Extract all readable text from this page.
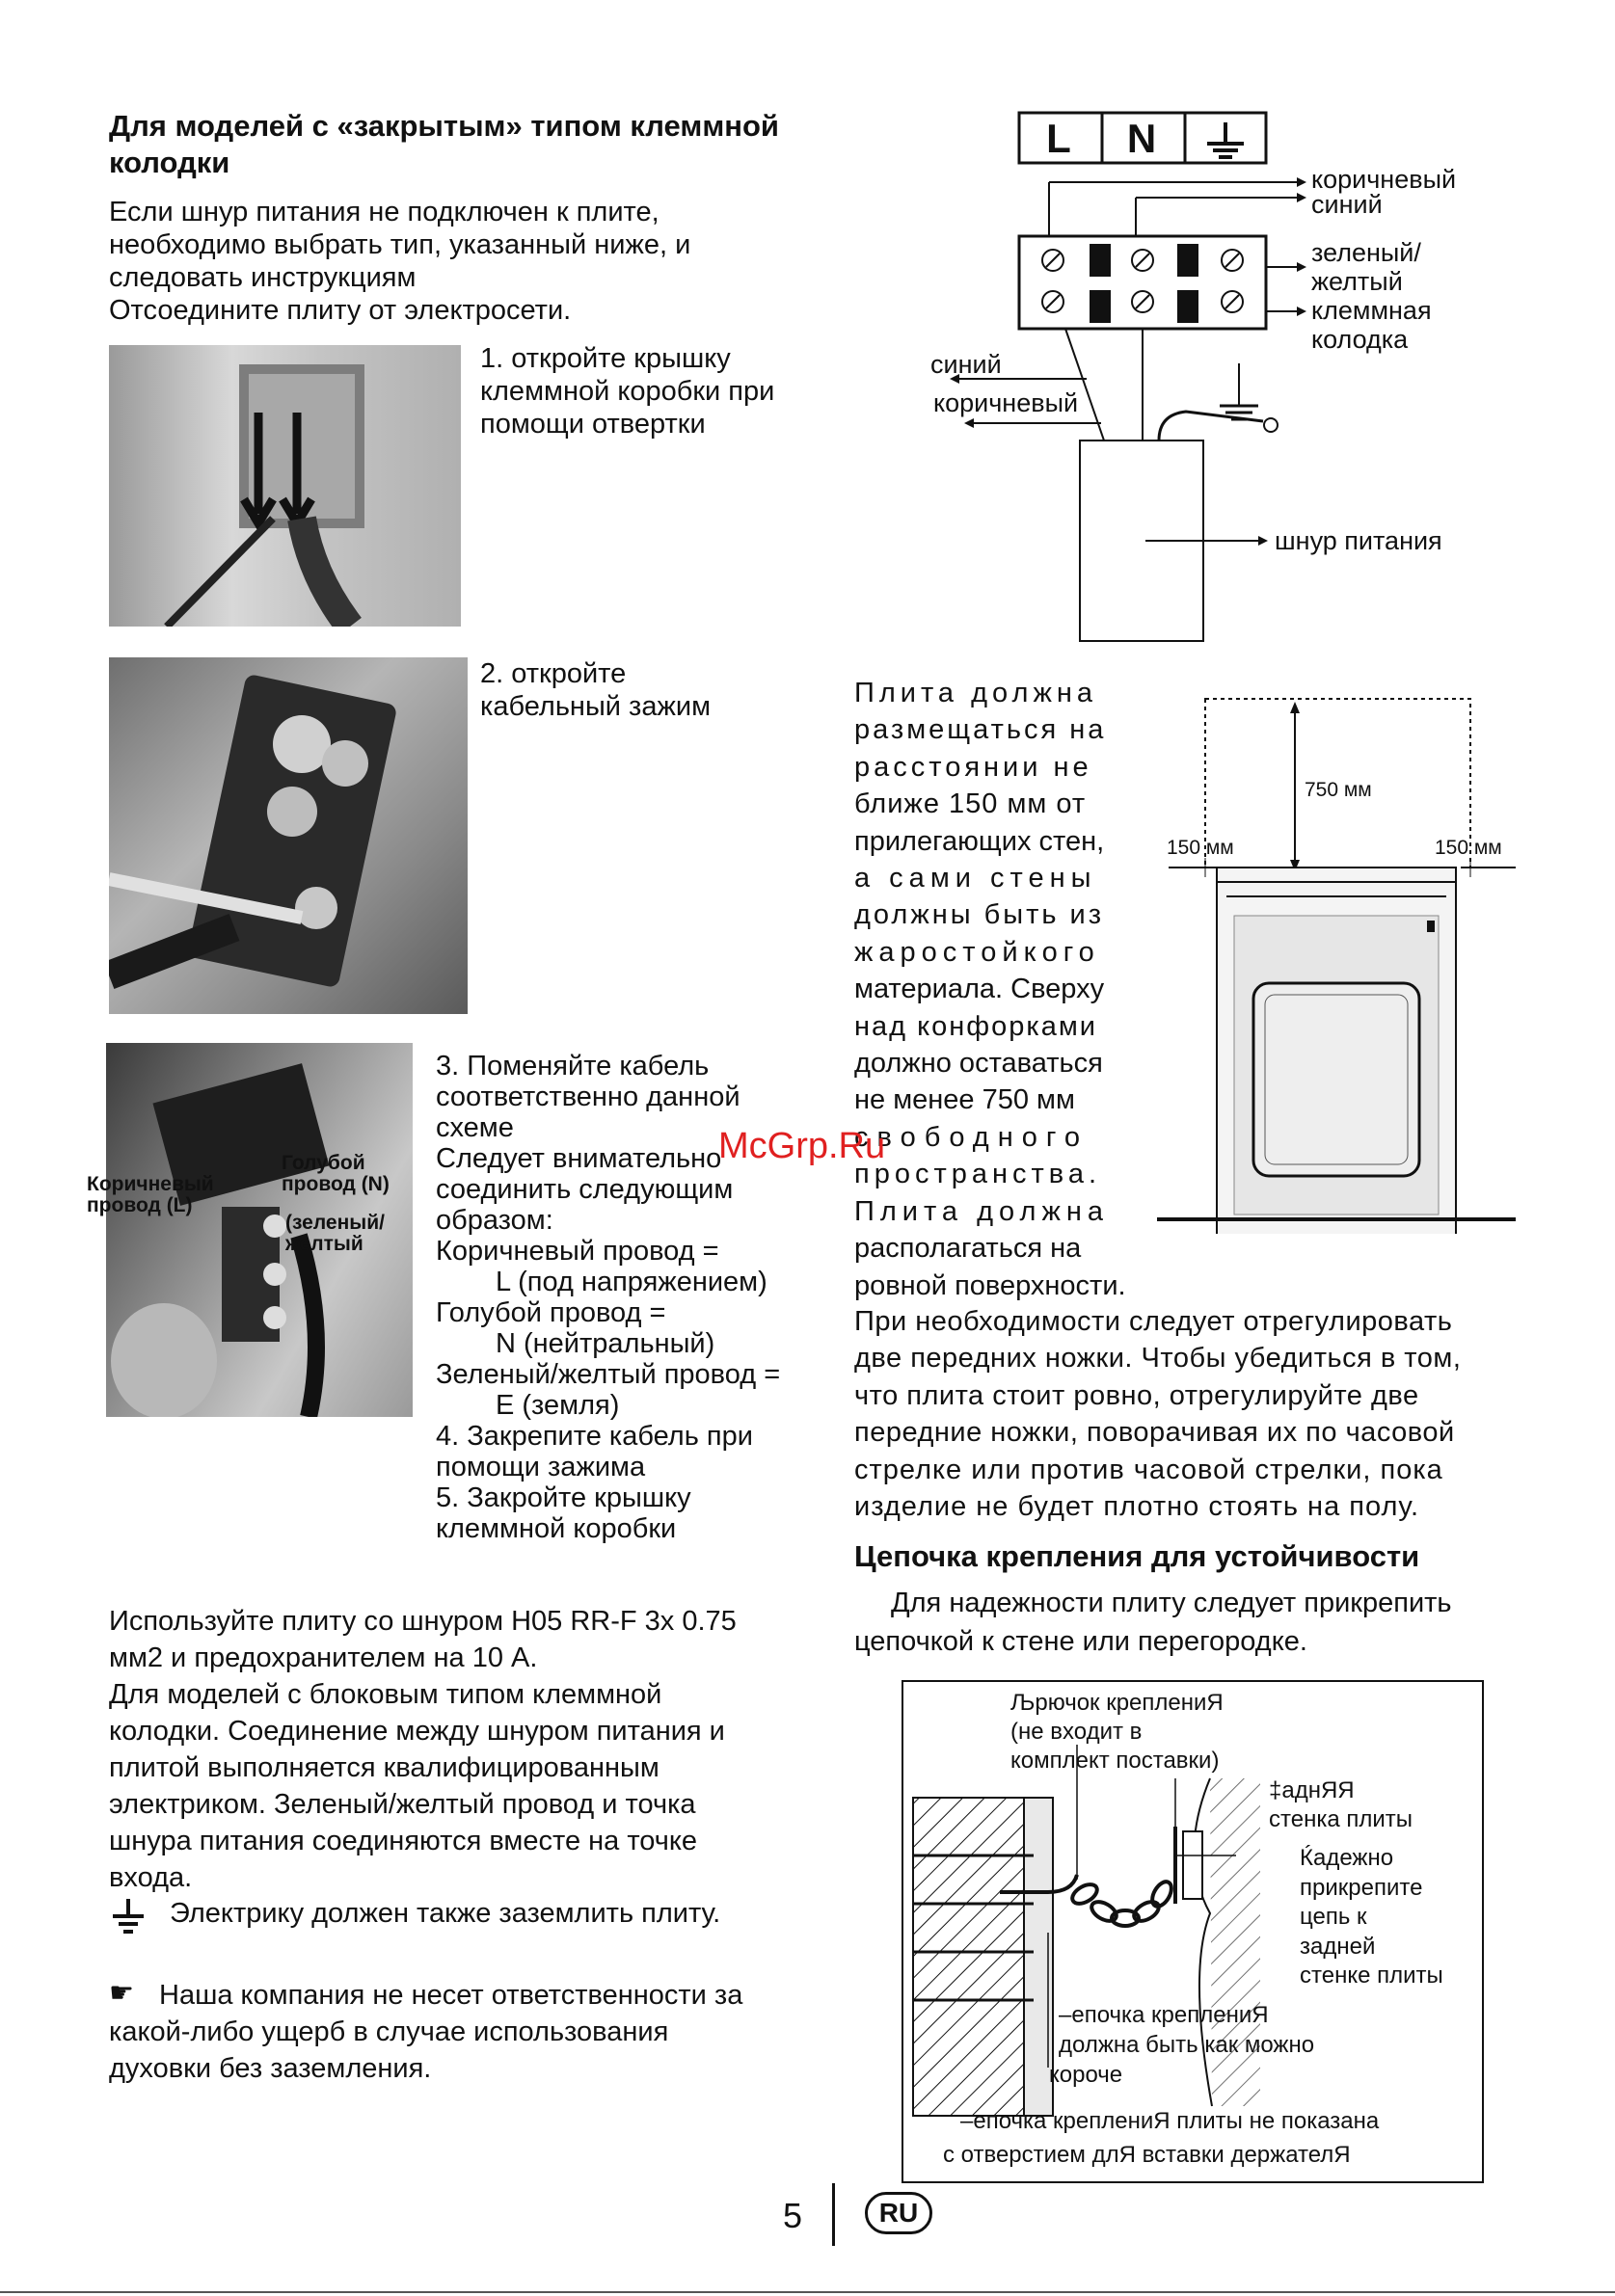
Для моделей с «закрытым» типом клеммной
колодки
Если шнур питания не подключен к плите,
необходимо выбрать тип, указанный ниже, и
следовать инструкциям
Отсоедините плиту от электросети.
1. откройте крышку
клеммной коробки при
помощи отвертки
2. откройте
кабельный зажим
Коричневый
провод (L)
Голубой
провод (N)
(зеленый/
желтый
3. Поменяйте кабель
соответственно данной
схеме
Следует внимательно
соединить следующим
образом:
Коричневый провод =
L (под напряжением)
Голубой провод =
N (нейтральный)
Зеленый/желтый провод =
E (земля)
4. Закрепите кабель при
помощи зажима
5. Закройте крышку
клеммной коробки
Используйте плиту со шнуром H05 RR-F 3x 0.75
мм2 и предохранителем на 10 А.
Для моделей с блоковым типом клеммной
колодки. Соединение между шнуром питания и
плитой выполняется квалифицированным
электриком. Зеленый/желтый провод и точка
шнура питания соединяются вместе на точке
входа.
Электрику должен также заземлить плиту.
☛ Наша компания не несет ответственности за
какой-либо ущерб в случае использования
духовки без заземления.
L	N
коричневый
синий
зеленый/
желтый
клеммная
колодка
синий
коричневый
шнур питания
Плита должна
размещаться на
расстоянии не
ближе 150 мм от
прилегающих стен,
а сами стены
должны быть из
жаростойкого
материала. Сверху
над конфорками
должно оставаться
не менее 750 мм
свободного
пространства.
Плита должна
располагаться на
ровной поверхности.
750 мм
150 мм	150 мм
При необходимости следует отрегулировать
две передних ножки. Чтобы убедиться в том,
что плита стоит ровно, отрегулируйте две
передние ножки, поворачивая их по часовой
стрелке или против часовой стрелки, пока
изделие не будет плотно стоять на полу.
Цепочка крепления для устойчивости
Для надежности плиту следует прикрепить
цепочкой к стене или перегородке.
Љрючок креплениЯ
(не входит в
комплект поставки)
‡аднЯЯ
стенка плиты
Ќадежно
прикрепите
цепь к
задней
стенке плиты
–епочка креплениЯ
должна быть как можно
короче
–епочка креплениЯ плиты не показана
с отверстием длЯ вставки держателЯ
McGrp.Ru
5	RU
